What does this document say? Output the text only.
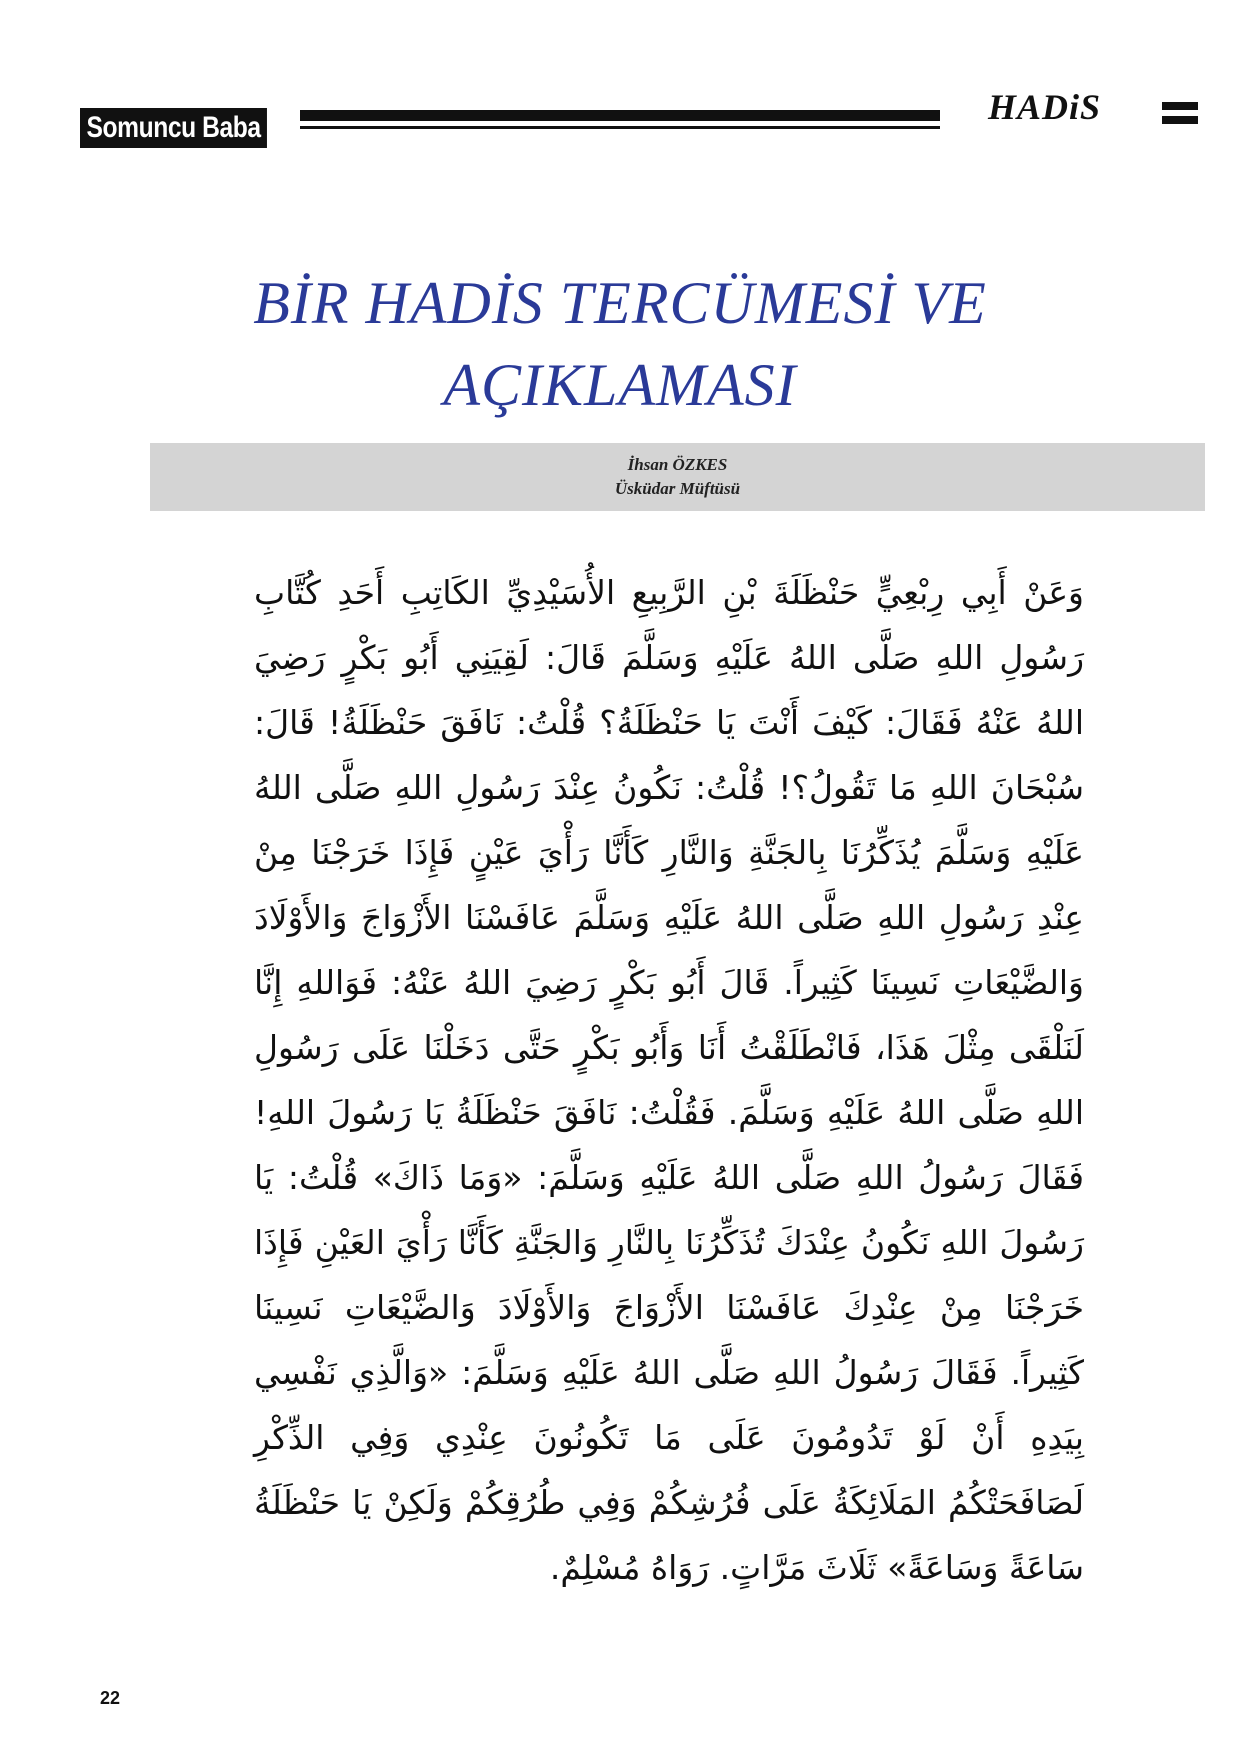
Somuncu Baba
HADiS
BİR HADİS TERCÜMESİ VE
AÇIKLAMASI
İhsan ÖZKES
Üsküdar Müftüsü

وَعَنْ أَبِي رِبْعِيٍّ حَنْظَلَةَ بْنِ الرَّبِيعِ الأُسَيْدِيِّ الكَاتِبِ أَحَدِ كُتَّابِ رَسُولِ اللهِ صَلَّى اللهُ عَلَيْهِ وَسَلَّمَ قَالَ: لَقِيَنِي أَبُو بَكْرٍ رَضِيَ اللهُ عَنْهُ فَقَالَ: كَيْفَ أَنْتَ يَا حَنْظَلَةُ؟ قُلْتُ: نَافَقَ حَنْظَلَةُ! قَالَ: سُبْحَانَ اللهِ مَا تَقُولُ؟! قُلْتُ: نَكُونُ عِنْدَ رَسُولِ اللهِ صَلَّى اللهُ عَلَيْهِ وَسَلَّمَ يُذَكِّرُنَا بِالجَنَّةِ وَالنَّارِ كَأَنَّا رَأْيَ عَيْنٍ فَإِذَا خَرَجْنَا مِنْ عِنْدِ رَسُولِ اللهِ صَلَّى اللهُ عَلَيْهِ وَسَلَّمَ عَافَسْنَا الأَزْوَاجَ وَالأَوْلَادَ وَالضَّيْعَاتِ نَسِينَا كَثِيراً. قَالَ أَبُو بَكْرٍ رَضِيَ اللهُ عَنْهُ: فَوَاللهِ إِنَّا لَنَلْقَى مِثْلَ هَذَا، فَانْطَلَقْتُ أَنَا وَأَبُو بَكْرٍ حَتَّى دَخَلْنَا عَلَى رَسُولِ اللهِ صَلَّى اللهُ عَلَيْهِ وَسَلَّمَ. فَقُلْتُ: نَافَقَ حَنْظَلَةُ يَا رَسُولَ اللهِ! فَقَالَ رَسُولُ اللهِ صَلَّى اللهُ عَلَيْهِ وَسَلَّمَ: «وَمَا ذَاكَ» قُلْتُ: يَا رَسُولَ اللهِ نَكُونُ عِنْدَكَ تُذَكِّرُنَا بِالنَّارِ وَالجَنَّةِ كَأَنَّا رَأْيَ العَيْنِ فَإِذَا خَرَجْنَا مِنْ عِنْدِكَ عَافَسْنَا الأَزْوَاجَ وَالأَوْلَادَ وَالضَّيْعَاتِ نَسِينَا كَثِيراً. فَقَالَ رَسُولُ اللهِ صَلَّى اللهُ عَلَيْهِ وَسَلَّمَ: «وَالَّذِي نَفْسِي بِيَدِهِ أَنْ لَوْ تَدُومُونَ عَلَى مَا تَكُونُونَ عِنْدِي وَفِي الذِّكْرِ لَصَافَحَتْكُمُ المَلَائِكَةُ عَلَى فُرُشِكُمْ وَفِي طُرُقِكُمْ وَلَكِنْ يَا حَنْظَلَةُ سَاعَةً وَسَاعَةً» ثَلَاثَ مَرَّاتٍ. رَوَاهُ مُسْلِمٌ.

22
